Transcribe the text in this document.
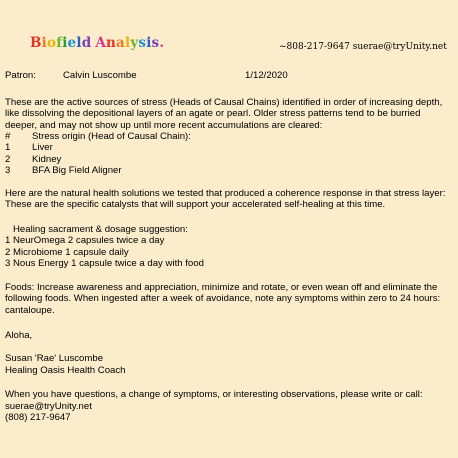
Biofield Analysis.	~808-217-9647 suerae@tryUnity.net
Patron:	Calvin Luscombe	1/12/2020
These are the active sources of stress (Heads of Causal Chains) identified in order of increasing depth, like dissolving the depositional layers of an agate or pearl. Older stress patterns tend to be burried deeper, and may not show up until more recent accumulations are cleared:
# Stress origin (Head of Causal Chain):
1 Liver
2 Kidney
3 BFA Big Field Aligner
Here are the natural health solutions we tested that produced a coherence response in that stress layer: These are the specific catalysts that will support your accelerated self-healing at this time.
Healing sacrament & dosage suggestion:
1 NeurOmega 2 capsules twice a day
2 Microbiome 1 capsule daily
3 Nous Energy 1 capsule twice a day with food
Foods: Increase awareness and appreciation, minimize and rotate, or even wean off and eliminate the following foods. When ingested after a week of avoidance, note any symptoms within zero to 24 hours: cantaloupe.
Aloha,
Susan 'Rae' Luscombe
Healing Oasis Health Coach
When you have questions, a change of symptoms, or interesting observations, please write or call:
suerae@tryUnity.net
(808) 217-9647
